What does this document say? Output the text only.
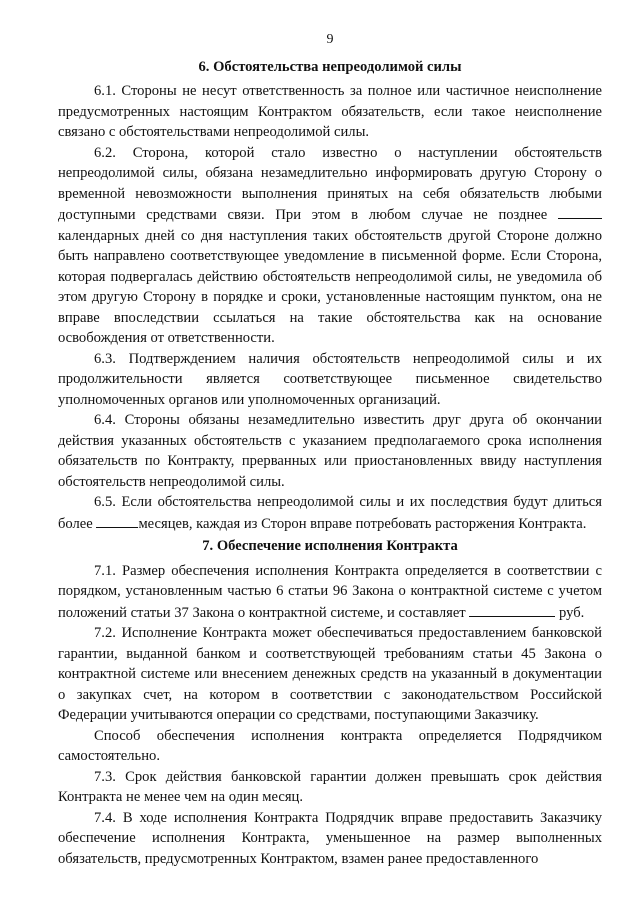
9
6. Обстоятельства непреодолимой силы

6.1. Стороны не несут ответственность за полное или частичное неисполнение предусмотренных настоящим Контрактом обязательств, если такое неисполнение связано с обстоятельствами непреодолимой силы.

6.2. Сторона, которой стало известно о наступлении обстоятельств непреодолимой силы, обязана незамедлительно информировать другую Сторону о временной невозможности выполнения принятых на себя обязательств любыми доступными средствами связи. При этом в любом случае не позднее  календарных дней со дня наступления таких обстоятельств другой Стороне должно быть направлено соответствующее уведомление в письменной форме. Если Сторона, которая подвергалась действию обстоятельств непреодолимой силы, не уведомила об этом другую Сторону в порядке и сроки, установленные настоящим пунктом, она не вправе впоследствии ссылаться на такие обстоятельства как на основание освобождения от ответственности.

6.3. Подтверждением наличия обстоятельств непреодолимой силы и их продолжительности является соответствующее письменное свидетельство уполномоченных органов или уполномоченных организаций.

6.4. Стороны обязаны незамедлительно известить друг друга об окончании действия указанных обстоятельств с указанием предполагаемого срока исполнения обязательств по Контракту, прерванных или приостановленных ввиду наступления обстоятельств непреодолимой силы.

6.5. Если обстоятельства непреодолимой силы и их последствия будут длиться более	месяцев, каждая из Сторон вправе потребовать расторжения Контракта.

7. Обеспечение исполнения Контракта

7.1. Размер обеспечения исполнения Контракта определяется в соответствии с порядком, установленным частью 6 статьи 96 Закона о контрактной системе с учетом положений статьи 37 Закона о контрактной системе, и составляет	руб.

7.2. Исполнение Контракта может обеспечиваться предоставлением банковской гарантии, выданной банком и соответствующей требованиям статьи 45 Закона о контрактной системе или внесением денежных средств на указанный в документации о закупках счет, на котором в соответствии с законодательством Российской Федерации учитываются операции со средствами, поступающими Заказчику.

Способ обеспечения исполнения контракта определяется Подрядчиком самостоятельно.

7.3. Срок действия банковской гарантии должен превышать срок действия Контракта не менее чем на один месяц.

7.4. В ходе исполнения Контракта Подрядчик вправе предоставить Заказчику обеспечение исполнения Контракта, уменьшенное на размер выполненных обязательств, предусмотренных Контрактом, взамен ранее предоставленного
